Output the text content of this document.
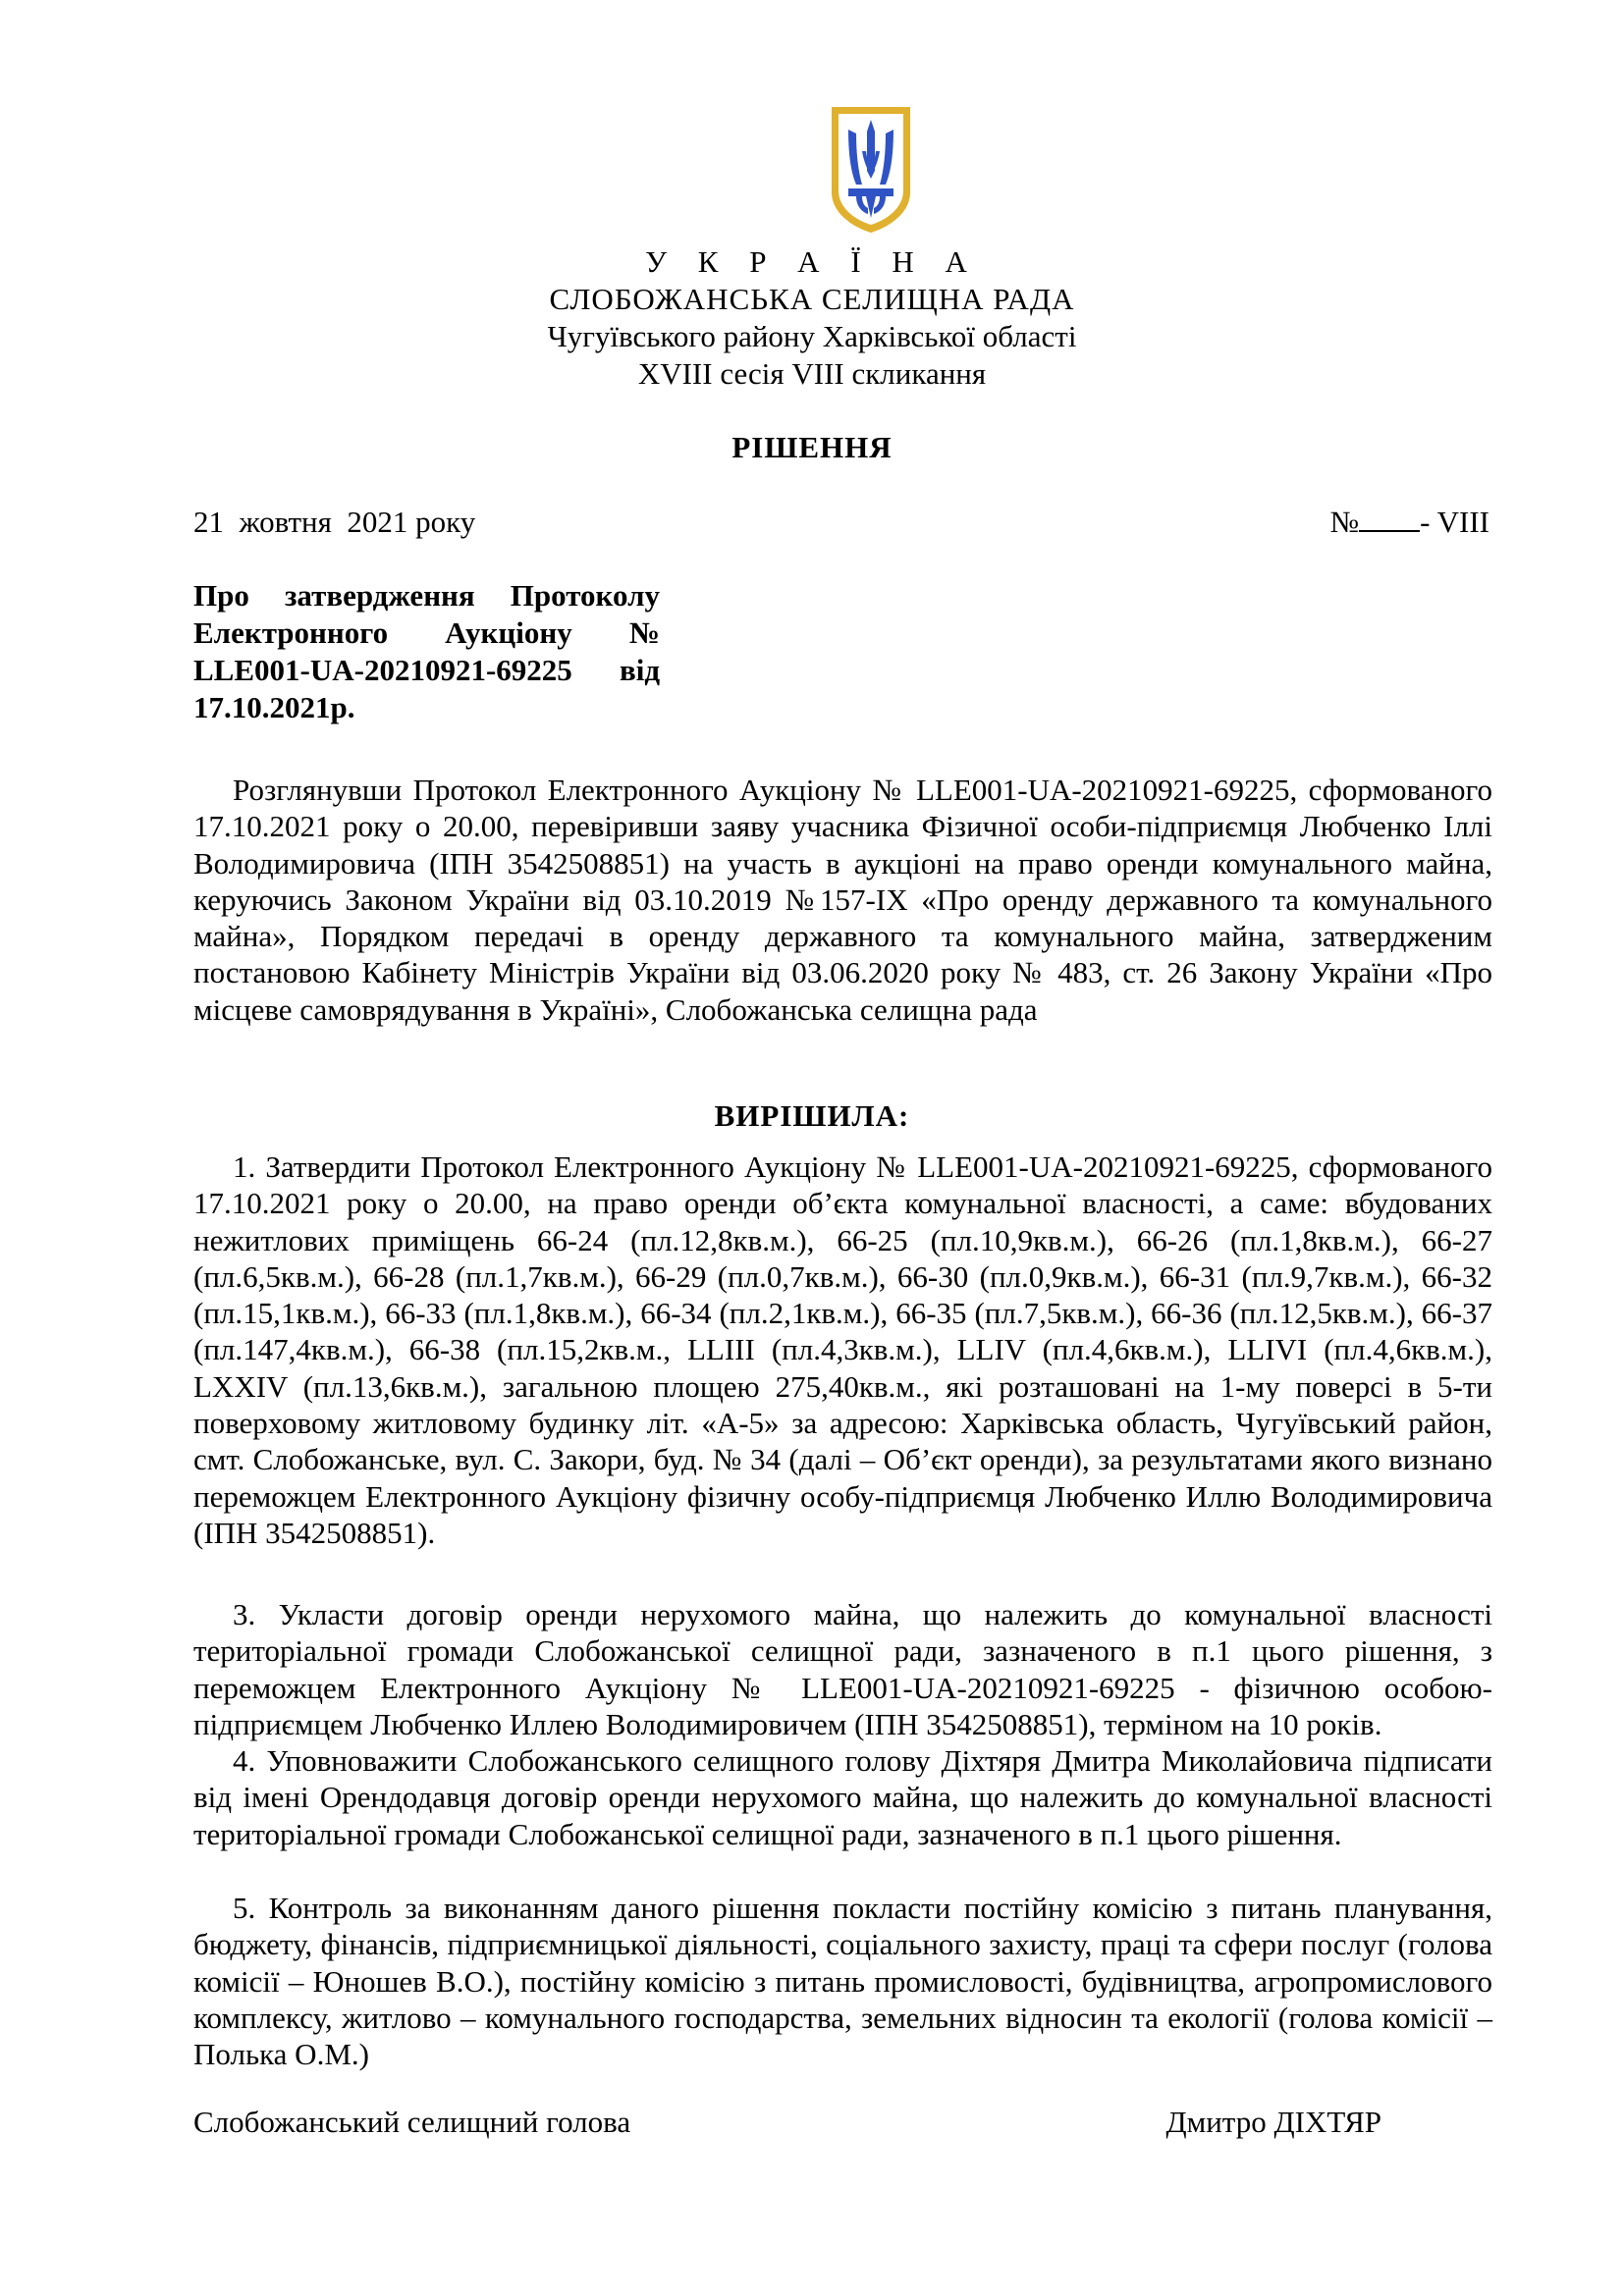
У К Р А Ї Н А
СЛОБОЖАНСЬКА СЕЛИЩНА РАДА
Чугуївського району Харківської області
XVIII сесія VIII скликання
РІШЕННЯ
21  жовтня  2021 року	№ - VIII
Про затвердження Протоколу
Електронного Аукціону №
LLE001-UA-20210921-69225 від
17.10.2021р.
Розглянувши Протокол Електронного Аукціону № LLE001-UA-20210921-69225, сформованого 17.10.2021 року о 20.00, перевіривши заяву учасника Фізичної особи-підприємця Любченко Іллі Володимировича (ІПН 3542508851) на участь в аукціоні на право оренди комунального майна, керуючись Законом України від 03.10.2019 №157-IX «Про оренду державного та комунального майна», Порядком передачі в оренду державного та комунального майна, затвердженим постановою Кабінету Міністрів України від 03.06.2020 року № 483, ст. 26 Закону України «Про місцеве самоврядування в Україні», Слобожанська селищна рада
ВИРІШИЛА:
1. Затвердити Протокол Електронного Аукціону № LLE001-UA-20210921-69225, сформованого 17.10.2021 року о 20.00, на право оренди об’єкта комунальної власності, а саме: вбудованих нежитлових приміщень 66-24 (пл.12,8кв.м.), 66-25 (пл.10,9кв.м.), 66-26 (пл.1,8кв.м.), 66-27 (пл.6,5кв.м.), 66-28 (пл.1,7кв.м.), 66-29 (пл.0,7кв.м.), 66-30 (пл.0,9кв.м.), 66-31 (пл.9,7кв.м.), 66-32 (пл.15,1кв.м.), 66-33 (пл.1,8кв.м.), 66-34 (пл.2,1кв.м.), 66-35 (пл.7,5кв.м.), 66-36 (пл.12,5кв.м.), 66-37 (пл.147,4кв.м.), 66-38 (пл.15,2кв.м., LLIII (пл.4,3кв.м.), LLIV (пл.4,6кв.м.), LLIVI (пл.4,6кв.м.), LXXIV (пл.13,6кв.м.), загальною площею 275,40кв.м., які розташовані на 1-му поверсі в 5-ти поверховому житловому будинку літ. «А-5» за адресою: Харківська область, Чугуївський район, смт. Слобожанське, вул. С. Закори, буд. № 34 (далі – Об’єкт оренди), за результатами якого визнано переможцем Електронного Аукціону фізичну особу-підприємця Любченко Иллю Володимировича (ІПН 3542508851).
3. Укласти договір оренди нерухомого майна, що належить до комунальної власності територіальної громади Слобожанської селищної ради, зазначеного в п.1 цього рішення, з переможцем Електронного Аукціону № LLE001-UA-20210921-69225 - фізичною особою-підприємцем Любченко Иллею Володимировичем (ІПН 3542508851), терміном на 10 років.
4. Уповноважити Слобожанського селищного голову Діхтяря Дмитра Миколайовича підписати від імені Орендодавця договір оренди нерухомого майна, що належить до комунальної власності територіальної громади Слобожанської селищної ради, зазначеного в п.1 цього рішення.
5. Контроль за виконанням даного рішення покласти постійну комісію з питань планування, бюджету, фінансів, підприємницької діяльності, соціального захисту, праці та сфери послуг (голова комісії – Юношев В.О.), постійну комісію з питань промисловості, будівництва, агропромислового комплексу, житлово – комунального господарства, земельних відносин та екології (голова комісії – Полька О.М.)
Слобожанський селищний голова	Дмитро ДІХТЯР
